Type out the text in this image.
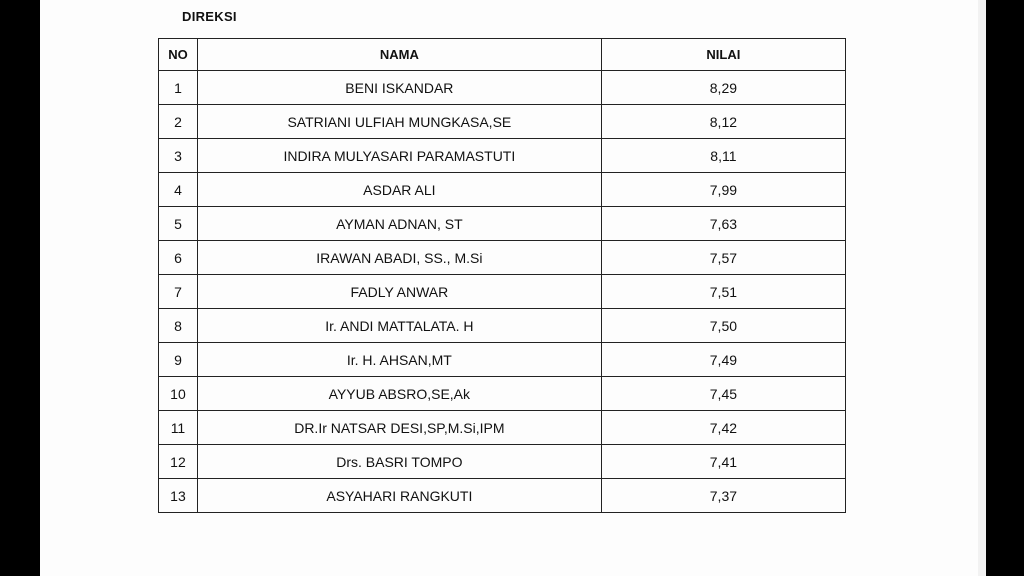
DIREKSI
NO	NAMA	NILAI
1	BENI ISKANDAR	8,29
2	SATRIANI ULFIAH MUNGKASA,SE	8,12
3	INDIRA MULYASARI PARAMASTUTI	8,11
4	ASDAR ALI	7,99
5	AYMAN ADNAN, ST	7,63
6	IRAWAN ABADI, SS., M.Si	7,57
7	FADLY ANWAR	7,51
8	Ir. ANDI MATTALATA. H	7,50
9	Ir. H. AHSAN,MT	7,49
10	AYYUB ABSRO,SE,Ak	7,45
11	DR.Ir NATSAR DESI,SP,M.Si,IPM	7,42
12	Drs. BASRI TOMPO	7,41
13	ASYAHARI RANGKUTI	7,37
